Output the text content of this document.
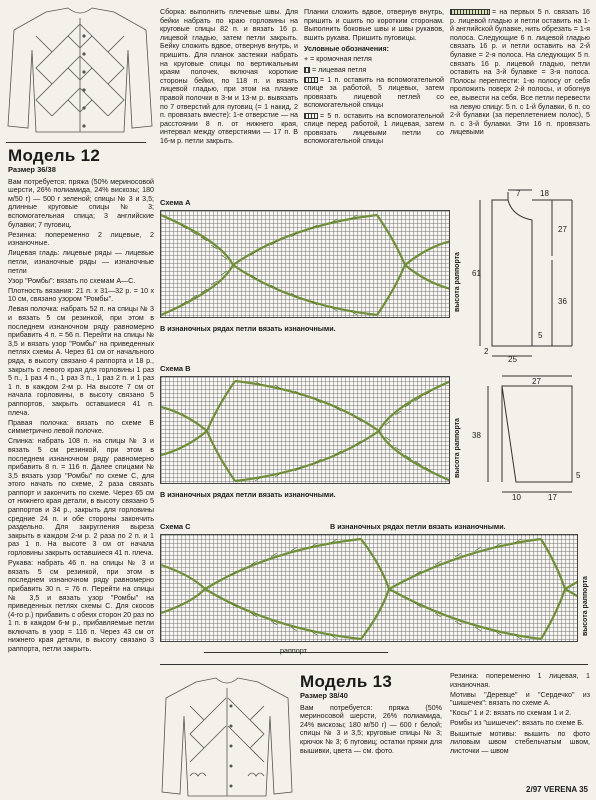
Модель 12
Размер 36/38

Вам потребуется: пряжа (50% мериносовой шерсти, 26% полиамида, 24% вискозы; 180 м/50 г) — 500 г зеленой; спицы № 3 и 3,5; длинные круговые спицы № 3; вспомогательная спица; 3 английские булавки; 7 пуговиц.

Резинка: попеременно 2 лицевые, 2 изнаночные.

Лицевая гладь: лицевые ряды — лицевые петли, изнаночные ряды — изнаночные петли

Узор "Ромбы": вязать по схемам А—С.

Плотность вязания: 21 п. х 31—32 р. = 10 х 10 см, связано узором "Ромбы".

Левая полочка: набрать 52 п. на спицы № 3 и вязать 5 см резинкой, при этом в последнем изнаночном ряду равномерно прибавить 4 п. = 56 п. Перейти на спицы № 3,5 и вязать узор "Ромбы" на приведенных петлях схемы А. Через 61 см от начального ряда, в высоту связано 4 раппорта и 18 р., закрыть с левого края для горловины 1 раз 5 п., 1 раз 4 п., 1 раз 3 п., 1 раз 2 п. и 1 раз 1 п. в каждом 2-м р. На высоте 7 см от начала горловины, в высоту связано 5 раппортов, закрыть оставшиеся 41 п. плеча.

Правая полочка: вязать по схеме В симметрично левой полочке.

Спинка: набрать 108 п. на спицы № 3 и вязать 5 см резинкой, при этом в последнем изнаночном ряду равномерно прибавить 8 п. = 116 п. Далее спицами № 3,5 вязать узор "Ромбы" по схеме С, для этого начать по схеме, 2 раза связать раппорт и закончить по схеме. Через 65 см от нижнего края детали, в высоту связано 5 раппортов и 34 р., закрыть для горловины средние 24 п. и обе стороны закончить раздельно. Для закругления выреза закрыть в каждом 2-м р. 2 раза по 2 п. и 1 раз 1 п. На высоте 3 см от начала горловины закрыть оставшиеся 41 п. плеча.

Рукава: набрать 46 п. на спицы № 3 и вязать 5 см резинкой, при этом в последнем изнаночном ряду равномерно прибавить 30 п. = 76 п. Перейти на спицы № 3,5 и вязать узор "Ромбы" на приведенных петлях схемы С. Для скосов (4-го р.) прибавить с обеих сторон 20 раз по 1 п. в каждом 6-м р., прибавляемые петли включать в узор = 116 п. Через 43 см от нижнего края детали, в высоту связано 3 раппорта, петли закрыть.

Сборка: выполнить плечевые швы. Для бейки набрать по краю горловины на круговые спицы 82 п. и вязать 16 р. лицевой гладью, затем петли закрыть. Бейку сложить вдвое, отвернув внутрь, и пришить. Для планок застежки набрать на круговые спицы по вертикальным краям полочек, включая короткие стороны бейки, по 118 п. и вязать лицевой гладью, при этом на планке правой полочки в 3-м и 13-м р. вывязать по 7 отверстий для пуговиц (= 1 накид, 2 п. провязать вместе): 1-е отверстие — на расстоянии 8 п. от нижнего края, интервал между отверстиями — 17 п. В 16-м р. петли закрыть.

Планки сложить вдвое, отвернув внутрь, пришить и сшить по коротким сторонам. Выполнить боковые швы и швы рукавов, вшить рукава. Пришить пуговицы.

Условные обозначения:

+ = кромочная петля

= лицевая петля

= 1 п. оставить на вспомогательной спице за работой, 5 лицевых, затем провязать лицевой петлей со вспомогательной спицы

= 5 п. оставить на вспомогательной спице перед работой, 1 лицевая, затем провязать лицевыми петли со вспомогательной спицы

= на первых 5 п. связать 16 р. лицевой гладью и петли оставить на 1-й английской булавке, нить обрезать = 1-я полоса. Следующие 6 п. лицевой гладью связать 16 р. и петли оставить на 2-й булавке = 2-я полоса. На следующих 5 п. связать 16 р. лицевой гладью, петли оставить на 3-й булавке = 3-я полоса. Полосы переплести: 1-ю полосу от себя проложить поверх 2-й полосы, и обогнув ее, вывести на себя. Все петли перевести на левую спицу: 5 п. с 1-й булавки, 6 п. со 2-й булавки (за переплетением полос), 5 п. с 3-й булавки. Эти 16 п. провязать лицевыми

Схема А
высота раппорта
В изнаночных рядах петли вязать изнаночными.
7 18
27
61
36
2
25
5
Схема В
высота раппорта
В изнаночных рядах петли вязать изнаночными.
27
38
5
10	17
Схема С	В изнаночных рядах петли вязать изнаночными.
высота раппорта
раппорт
Модель 13
Размер 38/40

Вам потребуется: пряжа (50% мериносовой шерсти, 26% полиамида, 24% вискозы; 180 м/50 г) — 600 г белой; спицы № 3 и 3,5; круговые спицы № 3; крючок № 3; 6 пуговиц; остатки пряжи для вышивки, цвета — см. фото.

Резинка: попеременно 1 лицевая, 1 изнаночная.

Мотивы "Деревце" и "Сердечко" из "шишечек": вязать по схеме А.

"Косы" 1 и 2: вязать по схемам 1 и 2.

Ромбы из "шишечек": вязать по схеме Б.

Вышитые мотивы: вышить по фото лиловым швом стебельчатым швом, листочки — швом

2/97 VERENA 35
